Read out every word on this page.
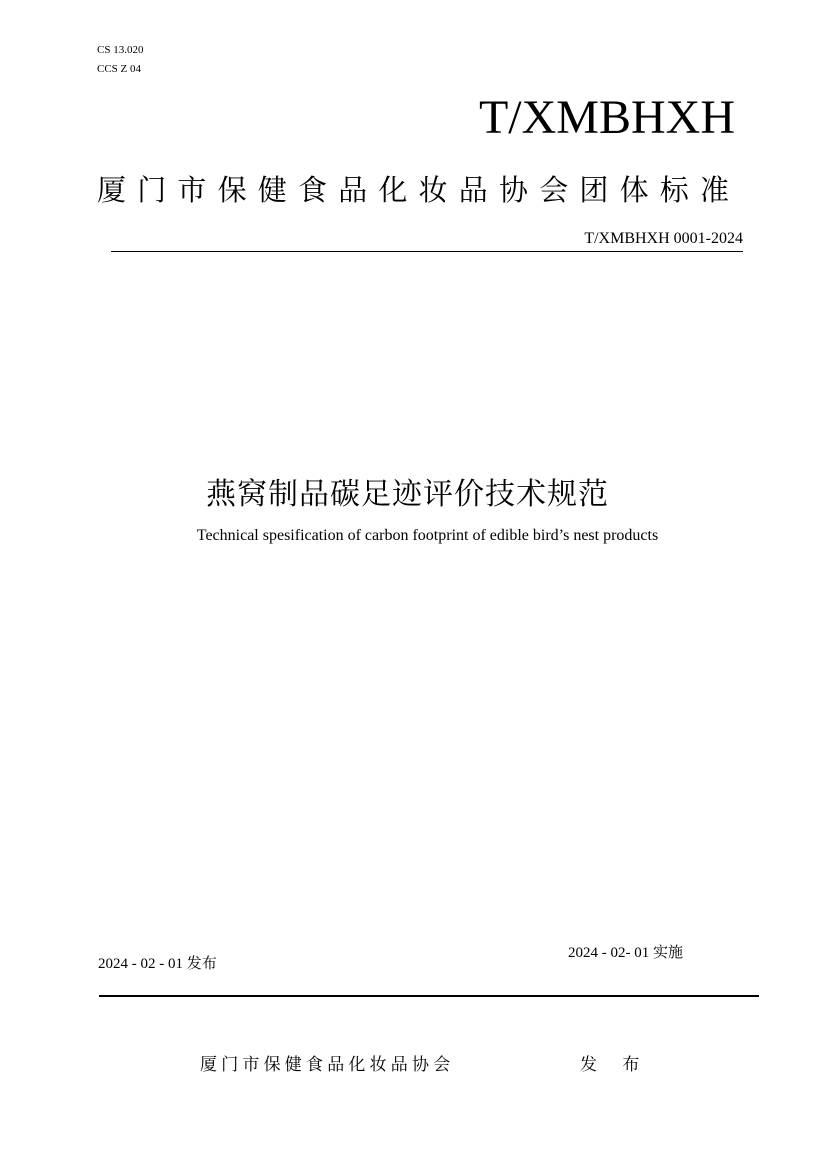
CS 13.020
CCS Z 04
T/XMBHXH
厦门市保健食品化妆品协会团体标准
T/XMBHXH 0001-2024
燕窝制品碳足迹评价技术规范
Technical spesification of carbon footprint of edible bird’s nest products
2024 - 02 - 01 发布
2024 - 02- 01 实施
厦门市保健食品化妆品协会	发 布
